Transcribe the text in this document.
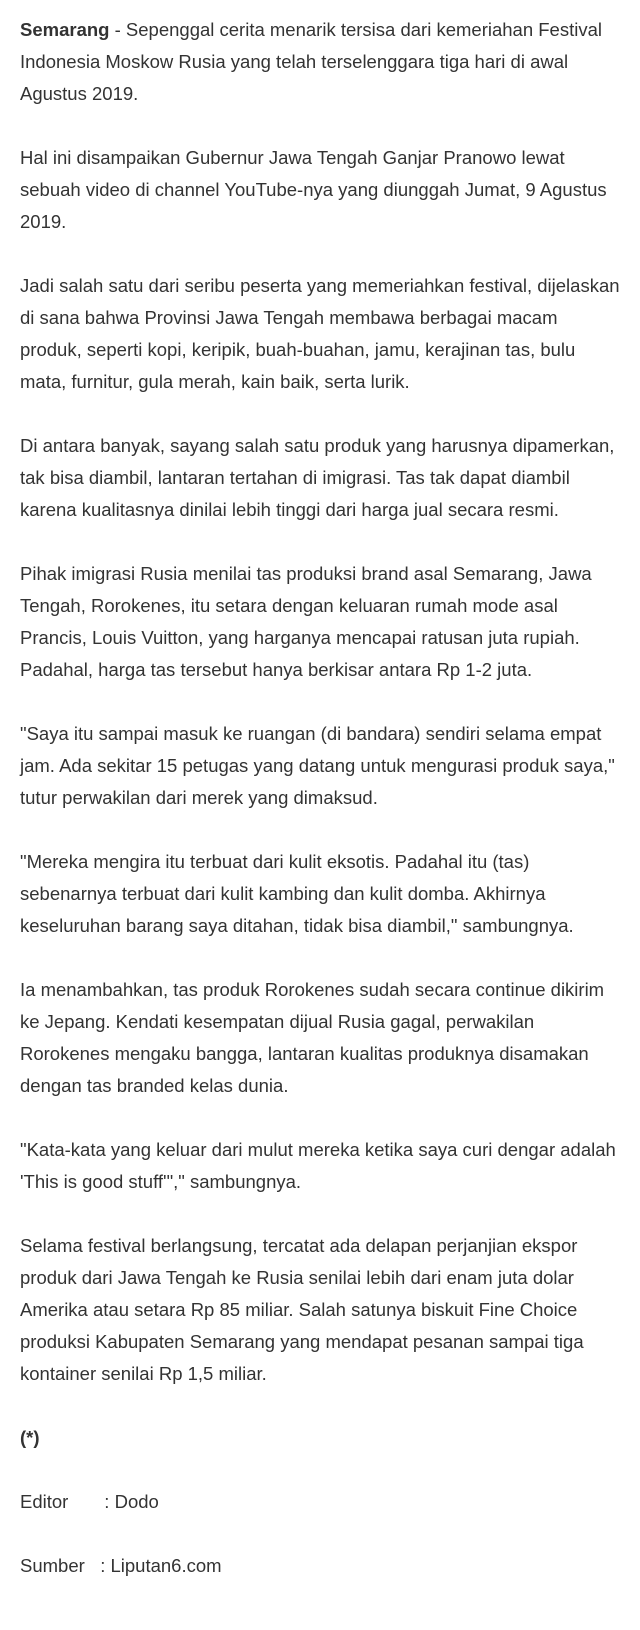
Semarang - Sepenggal cerita menarik tersisa dari kemeriahan Festival Indonesia Moskow Rusia yang telah terselenggara tiga hari di awal Agustus 2019.

Hal ini disampaikan Gubernur Jawa Tengah Ganjar Pranowo lewat sebuah video di channel YouTube-nya yang diunggah Jumat, 9 Agustus 2019.

Jadi salah satu dari seribu peserta yang memeriahkan festival, dijelaskan di sana bahwa Provinsi Jawa Tengah membawa berbagai macam produk, seperti kopi, keripik, buah-buahan, jamu, kerajinan tas, bulu mata, furnitur, gula merah, kain baik, serta lurik.

Di antara banyak, sayang salah satu produk yang harusnya dipamerkan, tak bisa diambil, lantaran tertahan di imigrasi. Tas tak dapat diambil karena kualitasnya dinilai lebih tinggi dari harga jual secara resmi.

Pihak imigrasi Rusia menilai tas produksi brand asal Semarang, Jawa Tengah, Rorokenes, itu setara dengan keluaran rumah mode asal Prancis, Louis Vuitton, yang harganya mencapai ratusan juta rupiah. Padahal, harga tas tersebut hanya berkisar antara Rp 1-2 juta.

"Saya itu sampai masuk ke ruangan (di bandara) sendiri selama empat jam. Ada sekitar 15 petugas yang datang untuk mengurasi produk saya," tutur perwakilan dari merek yang dimaksud.

"Mereka mengira itu terbuat dari kulit eksotis. Padahal itu (tas) sebenarnya terbuat dari kulit kambing dan kulit domba. Akhirnya keseluruhan barang saya ditahan, tidak bisa diambil," sambungnya.

Ia menambahkan, tas produk Rorokenes sudah secara continue dikirim ke Jepang. Kendati kesempatan dijual Rusia gagal, perwakilan Rorokenes mengaku bangga, lantaran kualitas produknya disamakan dengan tas branded kelas dunia.

"Kata-kata yang keluar dari mulut mereka ketika saya curi dengar adalah 'This is good stuff'"," sambungnya.

Selama festival berlangsung, tercatat ada delapan perjanjian ekspor produk dari Jawa Tengah ke Rusia senilai lebih dari enam juta dolar Amerika atau setara Rp 85 miliar. Salah satunya biskuit Fine Choice produksi Kabupaten Semarang yang mendapat pesanan sampai tiga kontainer senilai Rp 1,5 miliar.

(*)

Editor       : Dodo

Sumber   : Liputan6.com
